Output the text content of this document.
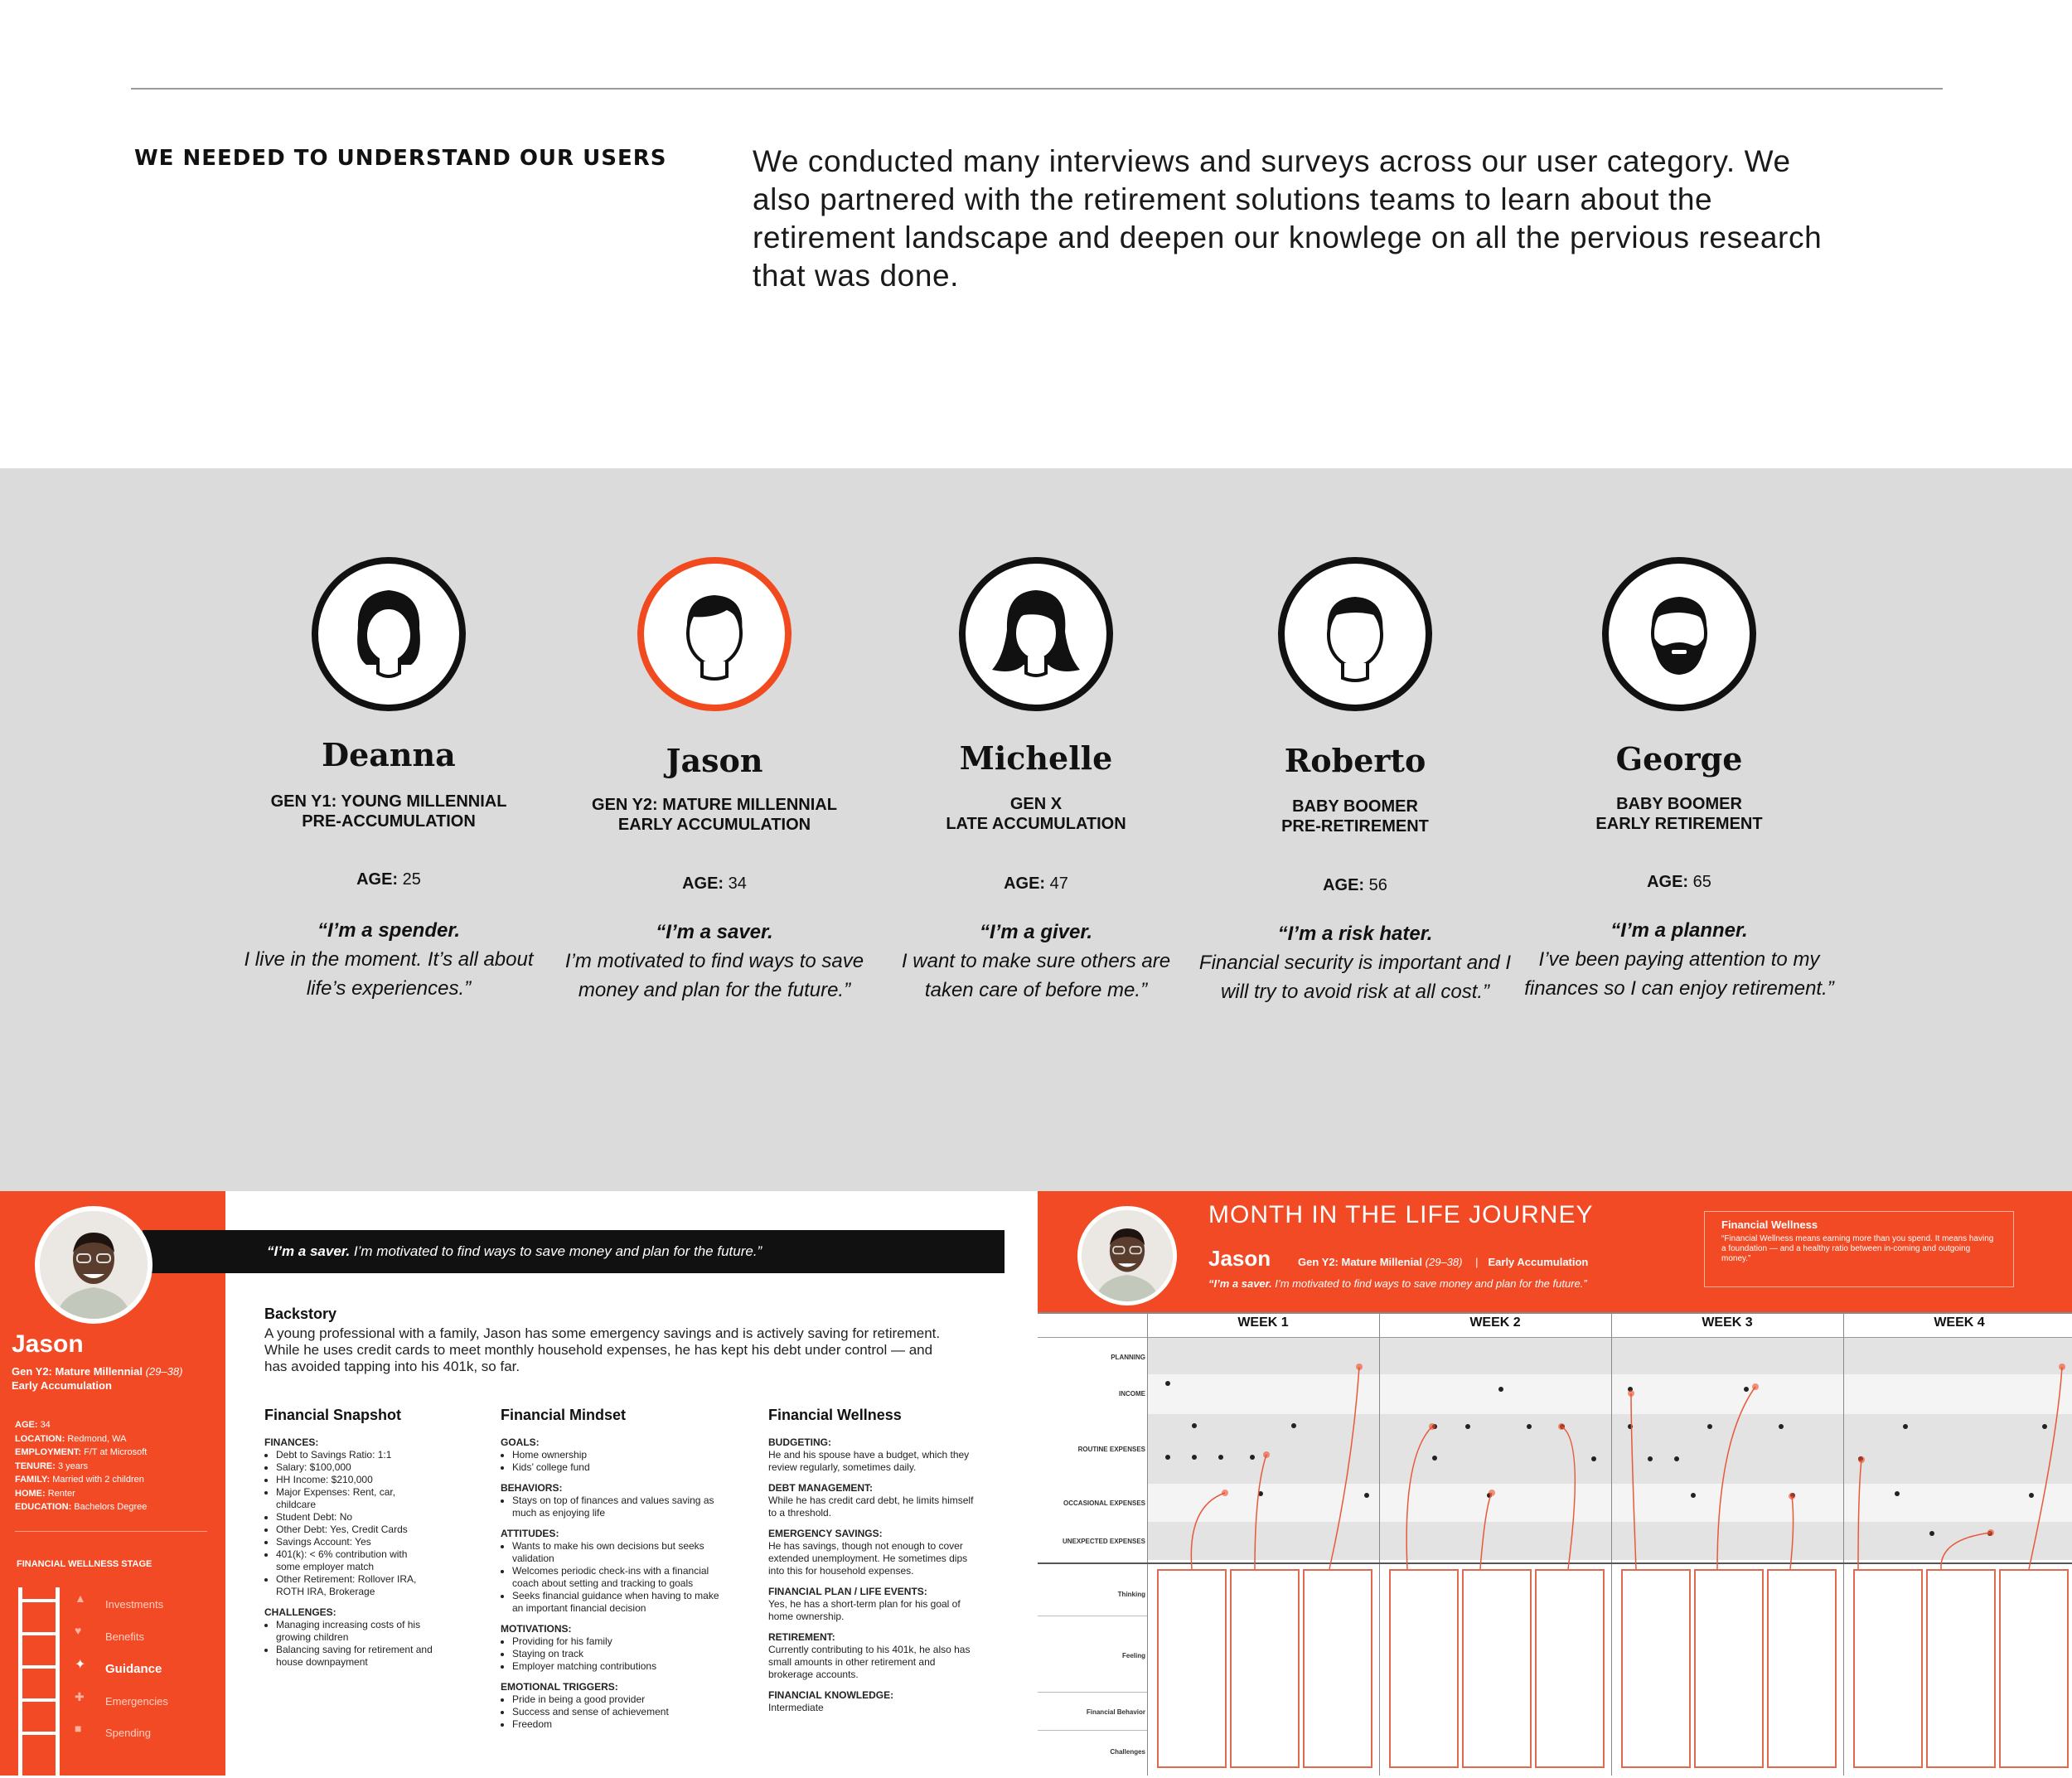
WE NEEDED TO UNDERSTAND OUR USERS	We conducted many interviews and surveys across our user category. We also partnered with the retirement solutions teams to learn about the retirement landscape and deepen our knowlege on all the pervious research that was done.
Deanna
GEN Y1: YOUNG MILLENNIAL
PRE-ACCUMULATION
AGE: 25
“I’m a spender.
I live in the moment. It’s all about life’s experiences.”
Jason
GEN Y2: MATURE MILLENNIAL
EARLY ACCUMULATION
AGE: 34
“I’m a saver.
I’m motivated to find ways to save money and plan for the future.”
Michelle
GEN X
LATE ACCUMULATION
AGE: 47
“I’m a giver.
I want to make sure others are taken care of before me.”
Roberto
BABY BOOMER
PRE-RETIREMENT
AGE: 56
“I’m a risk hater.
Financial security is important and I will try to avoid risk at all cost.”
George
BABY BOOMER
EARLY RETIREMENT
AGE: 65
“I’m a planner.
I’ve been paying attention to my finances so I can enjoy retirement.”
Backstory
A young professional with a family, Jason has some emergency savings and is actively saving for retirement. While he uses credit cards to meet monthly household expenses, he has kept his debt under control — and has avoided tapping into his 401k, so far.
Financial Snapshot	Financial Mindset	Financial Wellness
FINANCES:
• Debt to Savings Ratio: 1:1
• Salary: $100,000
• HH Income: $210,000
• Major Expenses: Rent, car, childcare
• Student Debt: No
• Other Debt: Yes, Credit Cards
• Savings Account: Yes
• 401(k): < 6% contribution with some employer match
• Other Retirement: Rollover IRA, ROTH IRA, Brokerage
CHALLENGES:
• Managing increasing costs of his growing children
• Balancing saving for retirement and house downpayment
GOALS:
• Home ownership
• Kids’ college fund
BEHAVIORS:
• Stays on top of finances and values saving as much as enjoying life
ATTITUDES:
• Wants to make his own decisions but seeks validation
• Welcomes periodic check-ins with a financial coach about setting and tracking to goals
• Seeks financial guidance when having to make an important financial decision
MOTIVATIONS:
• Providing for his family
• Staying on track
• Employer matching contributions
EMOTIONAL TRIGGERS:
• Pride in being a good provider
• Success and sense of achievement
• Freedom
BUDGETING:

He and his spouse have a budget, which they review regularly, sometimes daily.

DEBT MANAGEMENT:

While he has credit card debt, he limits himself to a threshold.

EMERGENCY SAVINGS:

He has savings, though not enough to cover extended unemployment. He sometimes dips into this for household expenses.

FINANCIAL PLAN / LIFE EVENTS:

Yes, he has a short-term plan for his goal of home ownership.

RETIREMENT:

Currently contributing to his 401k, he also has small amounts in other retirement and brokerage accounts.

FINANCIAL KNOWLEDGE:

Intermediate

Jason
Gen Y2: Mature Millennial (29–38)
Early Accumulation
AGE: 34
LOCATION: Redmond, WA
EMPLOYMENT: F/T at Microsoft
TENURE: 3 years
FAMILY: Married with 2 children
HOME: Renter
EDUCATION: Bachelors Degree
FINANCIAL WELLNESS STAGE
▲ Investments
♥ Benefits
✦ Guidance
✚ Emergencies
■ Spending
“I’m a saver. I’m motivated to find ways to save money and plan for the future.”
MONTH IN THE LIFE JOURNEY
Jason	Gen Y2: Mature Millenial (29–38) | Early Accumulation
“I’m a saver. I’m motivated to find ways to save money and plan for the future.”
Financial Wellness
“Financial Wellness means earning more than you spend. It means having a foundation — and a healthy ratio between in-coming and outgoing money.”
WEEK 1	WEEK 2	WEEK 3	WEEK 4
PLANNING
INCOME
ROUTINE EXPENSES
OCCASIONAL EXPENSES
UNEXPECTED EXPENSES
Thinking
Feeling
Financial Behavior
Challenges
